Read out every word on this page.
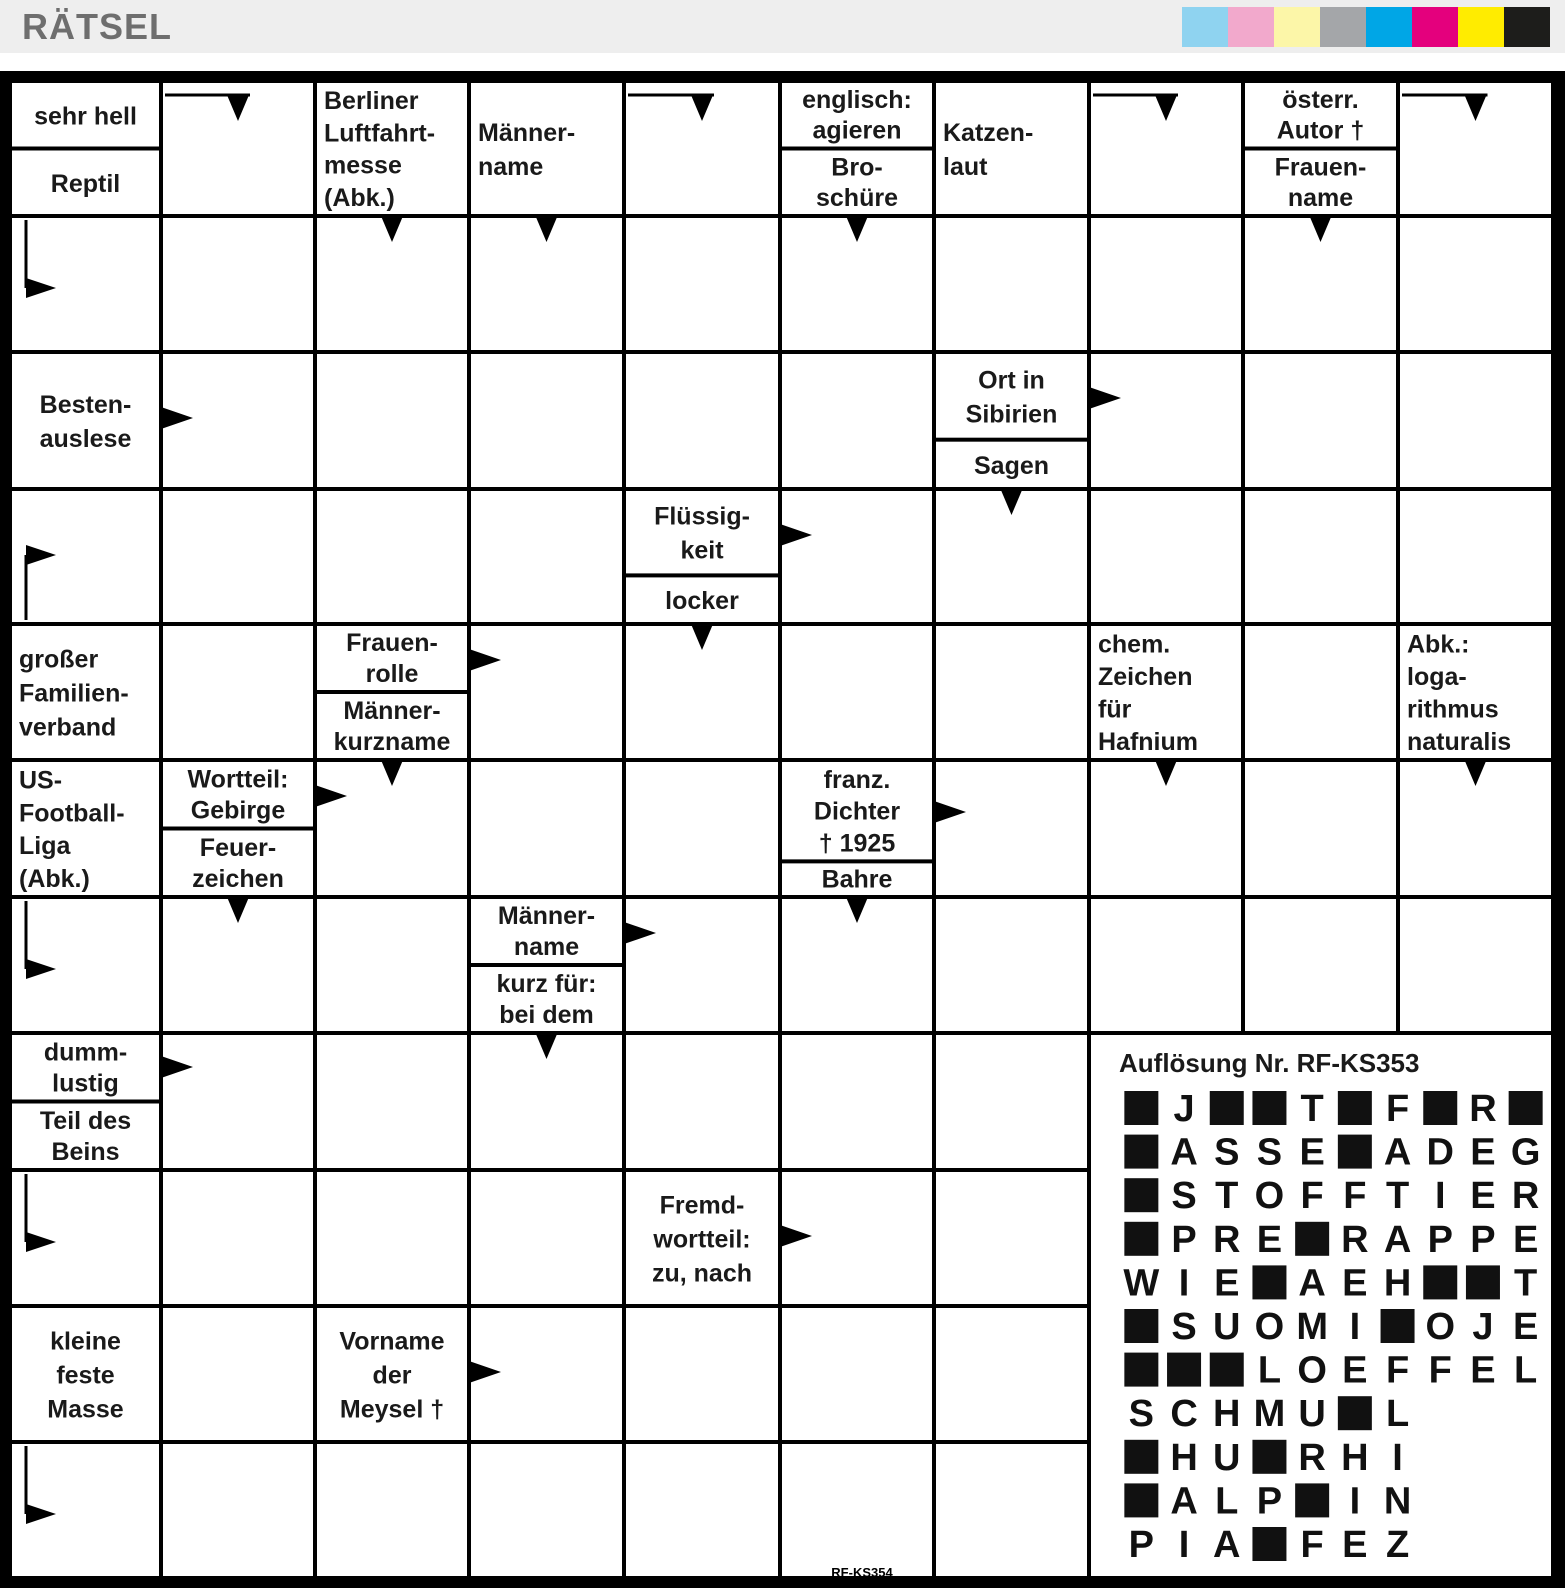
RÄTSEL
sehr hell
Reptil
Berliner
Luftfahrt-
messe
(Abk.)
Männer-
name
englisch:
agieren
Bro-
schüre
Katzen-
laut
österr.
Autor †
Frauen-
name
Besten-
auslese
Ort in
Sibirien
Sagen
Flüssig-
keit
locker
großer
Familien-
verband
Frauen-
rolle
Männer-
kurzname
chem.
Zeichen
für
Hafnium
Abk.:
loga-
rithmus
naturalis
US-
Football-
Liga
(Abk.)
Wortteil:
Gebirge
Feuer-
zeichen
franz.
Dichter
† 1925
Bahre
Männer-
name
kurz für:
bei dem
dumm-
lustig
Teil des
Beins
Fremd-
wortteil:
zu, nach
kleine
feste
Masse
Vorname
der
Meysel †
Auflösung Nr. RF-KS353
J	T F R
A S S E A D E G
S T O F F T I E R
P R E R A P P E
W I E A E H	T
S U O M I O J E
L O E F F E L
S C H M U L
H U R H I
A L P I N
P I A F E Z
RF-KS354
